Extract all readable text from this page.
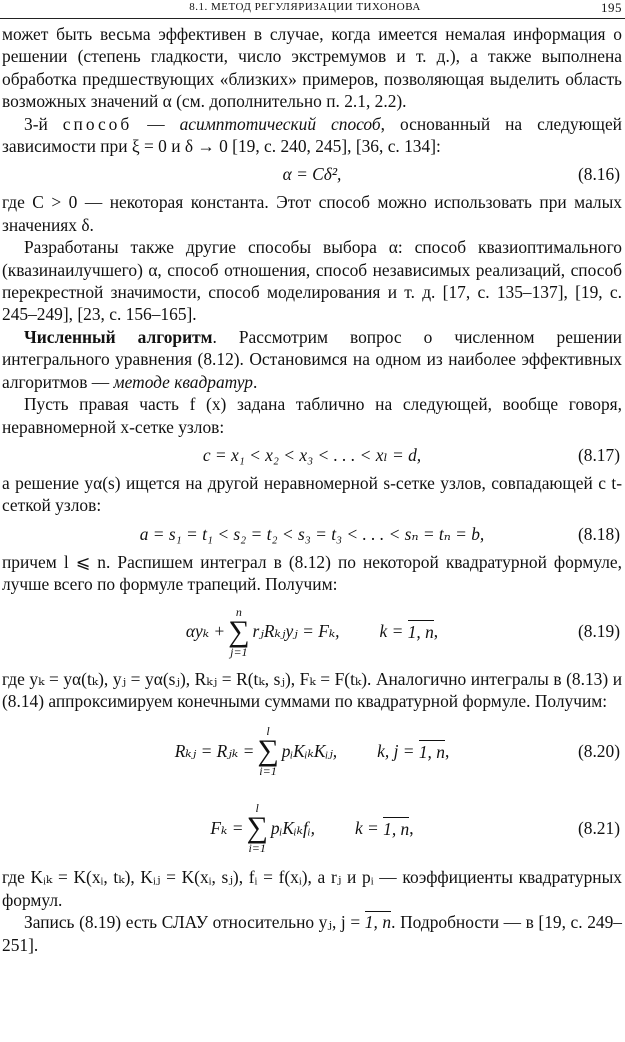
8.1. МЕТОД РЕГУЛЯРИЗАЦИИ ТИХОНОВА	195

может быть весьма эффективен в случае, когда имеется немалая информация о решении (степень гладкости, число экстремумов и т. д.), а также выполнена обработка предшествующих «близких» примеров, позволяющая выделить область возможных значений α (см. дополнительно п. 2.1, 2.2).

3-й способ — асимптотический способ, основанный на следующей зависимости при ξ = 0 и δ → 0 [19, с. 240, 245], [36, с. 134]:

α = Cδ²,	(8.16)

где C > 0 — некоторая константа. Этот способ можно использовать при малых значениях δ.

Разработаны также другие способы выбора α: способ квазиоптимального (квазинаилучшего) α, способ отношения, способ независимых реализаций, способ перекрестной значимости, способ моделирования и т. д. [17, с. 135–137], [19, с. 245–249], [23, с. 156–165].

Численный алгоритм. Рассмотрим вопрос о численном решении интегрального уравнения (8.12). Остановимся на одном из наиболее эффективных алгоритмов — методе квадратур.

Пусть правая часть f (x) задана таблично на следующей, вообще говоря, неравномерной x-сетке узлов:

c = x₁ < x₂ < x₃ < . . . < xₗ = d,	(8.17)

а решение yα(s) ищется на другой неравномерной s-сетке узлов, совпадающей с t-сеткой узлов:

a = s₁ = t₁ < s₂ = t₂ < s₃ = t₃ < . . . < sₙ = tₙ = b,	(8.18)

причем l ⩽ n. Распишем интеграл в (8.12) по некоторой квадратурной формуле, лучше всего по формуле трапеций. Получим:

αyₖ +
n
∑
j=1
rⱼRₖⱼyⱼ = Fₖ, k =
1, n ,	(8.19)

где yₖ = yα(tₖ), yⱼ = yα(sⱼ), Rₖⱼ = R(tₖ, sⱼ), Fₖ = F(tₖ). Аналогично интегралы в (8.13) и (8.14) аппроксимируем конечными суммами по квадратурной формуле. Получим:

Rₖⱼ = Rⱼₖ =
l
∑
i=1
pᵢKᵢₖKᵢⱼ, k, j =
1, n ,	(8.20)
Fₖ =
l
∑
i=1
pᵢKᵢₖfᵢ, k =
1, n ,	(8.21)

где Kᵢₖ = K(xᵢ, tₖ), Kᵢⱼ = K(xᵢ, sⱼ), fᵢ = f(xᵢ), а rⱼ и pᵢ — коэффициенты квадратурных формул.

Запись (8.19) есть СЛАУ относительно yⱼ, j = 1, n. Подробности — в [19, с. 249–251].
